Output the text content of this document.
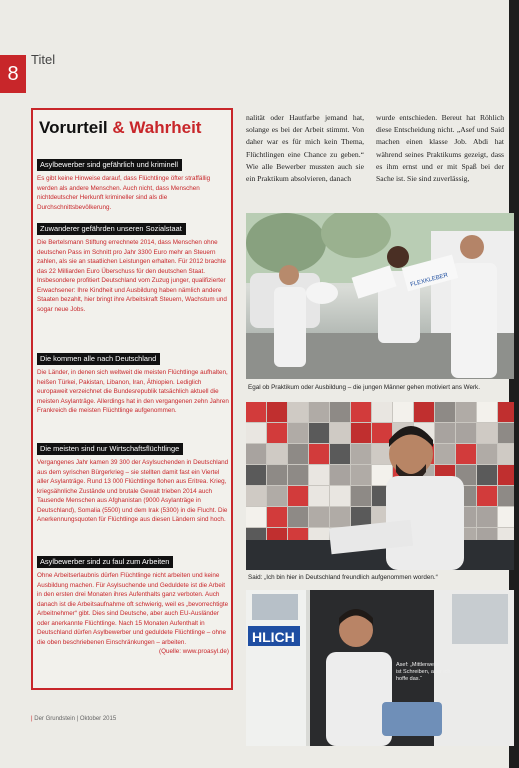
8
Titel
Vorurteil & Wahrheit
Asylbewerber sind gefährlich und kriminell
Es gibt keine Hinweise darauf, dass Flüchtlinge öfter straffällig werden als andere Menschen. Auch nicht, dass Menschen nichtdeutscher Herkunft krimineller sind als die Durchschnittsbevölkerung.
Zuwanderer gefährden unseren Sozialstaat
Die Bertelsmann Stiftung errechnete 2014, dass Menschen ohne deutschen Pass im Schnitt pro Jahr 3300 Euro mehr an Steuern zahlen, als sie an staatlichen Leistungen erhalten. Für 2012 brachte das 22 Milliarden Euro Überschuss für den deutschen Staat. Insbesondere profitiert Deutschland vom Zuzug junger, qualifizierter Erwachsener: Ihre Kindheit und Ausbildung haben nämlich andere Staaten bezahlt, hier bringt ihre Arbeitskraft Steuern, Wachstum und sogar neue Jobs.
Die kommen alle nach Deutschland
Die Länder, in denen sich weltweit die meisten Flüchtlinge aufhalten, heißen Türkei, Pakistan, Libanon, Iran, Äthiopien. Lediglich europaweit verzeichnet die Bundesrepublik tatsächlich aktuell die meisten Asylanträge. Allerdings hat in den vergangenen zehn Jahren Frankreich die meisten Flüchtlinge aufgenommen.
Die meisten sind nur Wirtschaftsflüchtlinge
Vergangenes Jahr kamen 39 300 der Asylsuchenden in Deutschland aus dem syrischen Bürgerkrieg – sie stellten damit fast ein Viertel aller Asylanträge. Rund 13 000 Flüchtlinge flohen aus Eritrea. Krieg, kriegsähnliche Zustände und brutale Gewalt trieben 2014 auch Tausende Menschen aus Afghanistan (9000 Asylanträge in Deutschland), Somalia (5500) und dem Irak (5300) in die Flucht. Die Anerkennungsquoten für Flüchtlinge aus diesen Ländern sind hoch.
Asylbewerber sind zu faul zum Arbeiten
Ohne Arbeitserlaubnis dürfen Flüchtlinge nicht arbeiten und keine Ausbildung machen. Für Asylsuchende und Geduldete ist die Arbeit in den ersten drei Monaten ihres Aufenthalts ganz verboten. Auch danach ist die Arbeitsaufnahme oft schwierig, weil es „bevorrechtigte Arbeitnehmer“ gibt. Dies sind Deutsche, aber auch EU-Ausländer oder anerkannte Flüchtlinge. Nach 15 Monaten Aufenthalt in Deutschland dürfen Asylbewerber und geduldete Flüchtlinge – ohne die oben beschriebenen Einschränkungen – arbeiten.
(Quelle: www.proasyl.de)
nalität oder Hautfarbe jemand hat, solange es bei der Arbeit stimmt. Von daher war es für mich kein Thema, Flüchtlingen eine Chance zu geben.“ Wie alle Bewerber mussten auch sie ein Praktikum absolvieren, danach
wurde entschieden. Bereut hat Röhlich diese Entscheidung nicht. „Asef und Said machen einen klasse Job. Abdi hat während seines Praktikums gezeigt, dass es ihm ernst und er mit Spaß bei der Sache ist. Sie sind zuverlässig,
FLEXKLEBER
Egal ob Praktikum oder Ausbildung – die jungen Männer gehen motiviert ans Werk.
Said: „Ich bin hier in Deutschland freundlich aufgenommen worden.“
HLICH
Asef: „Mittlerweile
ist Schreiben, aber ich
hoffe das.“
| Der Grundstein | Oktober 2015
